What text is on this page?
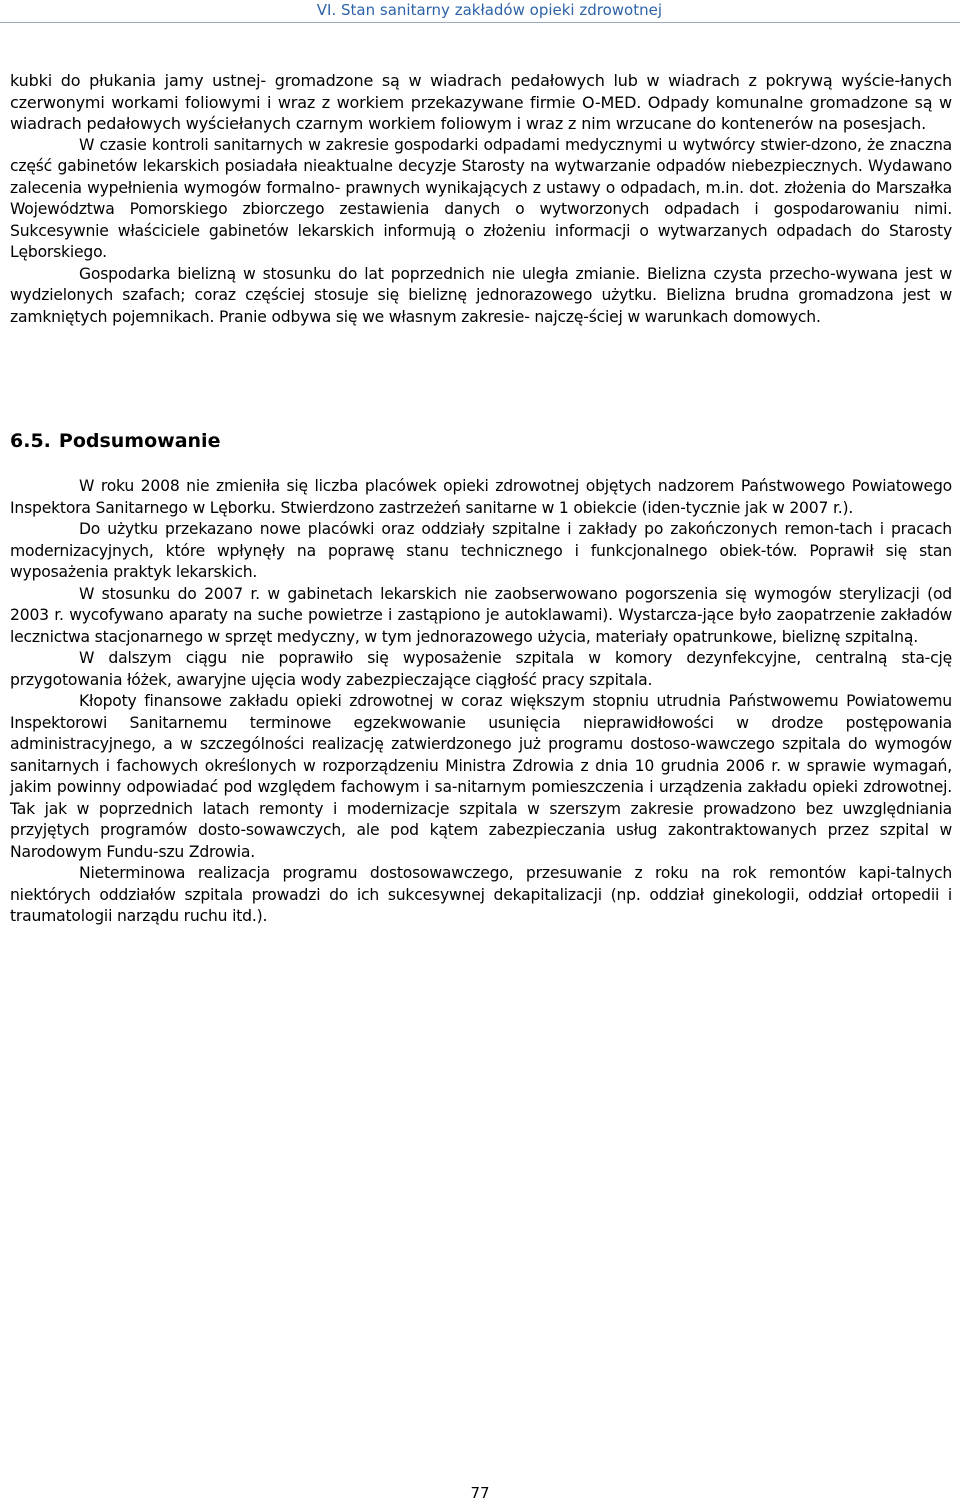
VI. Stan sanitarny zakładów opieki zdrowotnej

kubki do płukania jamy ustnej- gromadzone są w wiadrach pedałowych lub w wiadrach z pokrywą wyście-łanych czerwonymi workami foliowymi i wraz z workiem przekazywane firmie O-MED. Odpady komunalne gromadzone są w wiadrach pedałowych wyściełanych czarnym workiem foliowym i wraz z nim wrzucane do kontenerów na posesjach.

W czasie kontroli sanitarnych w zakresie gospodarki odpadami medycznymi u wytwórcy stwier-dzono, że znaczna część gabinetów lekarskich posiadała nieaktualne decyzje Starosty na wytwarzanie odpadów niebezpiecznych. Wydawano zalecenia wypełnienia wymogów formalno- prawnych wynikających z ustawy o odpadach, m.in. dot. złożenia do Marszałka Województwa Pomorskiego zbiorczego zestawienia danych o wytworzonych odpadach i gospodarowaniu nimi. Sukcesywnie właściciele gabinetów lekarskich informują o złożeniu informacji o wytwarzanych odpadach do Starosty Lęborskiego.

Gospodarka bielizną w stosunku do lat poprzednich nie uległa zmianie. Bielizna czysta przecho-wywana jest w wydzielonych szafach; coraz częściej stosuje się bieliznę jednorazowego użytku. Bielizna brudna gromadzona jest w zamkniętych pojemnikach. Pranie odbywa się we własnym zakresie- najczę-ściej w warunkach domowych.

6.5. Podsumowanie

W roku 2008 nie zmieniła się liczba placówek opieki zdrowotnej objętych nadzorem Państwowego Powiatowego Inspektora Sanitarnego w Lęborku. Stwierdzono zastrzeżeń sanitarne w 1 obiekcie (iden-tycznie jak w 2007 r.).

Do użytku przekazano nowe placówki oraz oddziały szpitalne i zakłady po zakończonych remon-tach i pracach modernizacyjnych, które wpłynęły na poprawę stanu technicznego i funkcjonalnego obiek-tów. Poprawił się stan wyposażenia praktyk lekarskich.

W stosunku do 2007 r. w gabinetach lekarskich nie zaobserwowano pogorszenia się wymogów sterylizacji (od 2003 r. wycofywano aparaty na suche powietrze i zastąpiono je autoklawami). Wystarcza-jące było zaopatrzenie zakładów lecznictwa stacjonarnego w sprzęt medyczny, w tym jednorazowego użycia, materiały opatrunkowe, bieliznę szpitalną.

W dalszym ciągu nie poprawiło się wyposażenie szpitala w komory dezynfekcyjne, centralną sta-cję przygotowania łóżek, awaryjne ujęcia wody zabezpieczające ciągłość pracy szpitala.

Kłopoty finansowe zakładu opieki zdrowotnej w coraz większym stopniu utrudnia Państwowemu Powiatowemu Inspektorowi Sanitarnemu terminowe egzekwowanie usunięcia nieprawidłowości w drodze postępowania administracyjnego, a w szczególności realizację zatwierdzonego już programu dostoso-wawczego szpitala do wymogów sanitarnych i fachowych określonych w rozporządzeniu Ministra Zdrowia z dnia 10 grudnia 2006 r. w sprawie wymagań, jakim powinny odpowiadać pod względem fachowym i sa-nitarnym pomieszczenia i urządzenia zakładu opieki zdrowotnej. Tak jak w poprzednich latach remonty i modernizacje szpitala w szerszym zakresie prowadzono bez uwzględniania przyjętych programów dosto-sowawczych, ale pod kątem zabezpieczania usług zakontraktowanych przez szpital w Narodowym Fundu-szu Zdrowia.

Nieterminowa realizacja programu dostosowawczego, przesuwanie z roku na rok remontów kapi-talnych niektórych oddziałów szpitala prowadzi do ich sukcesywnej dekapitalizacji (np. oddział ginekologii, oddział ortopedii i traumatologii narządu ruchu itd.).

77
